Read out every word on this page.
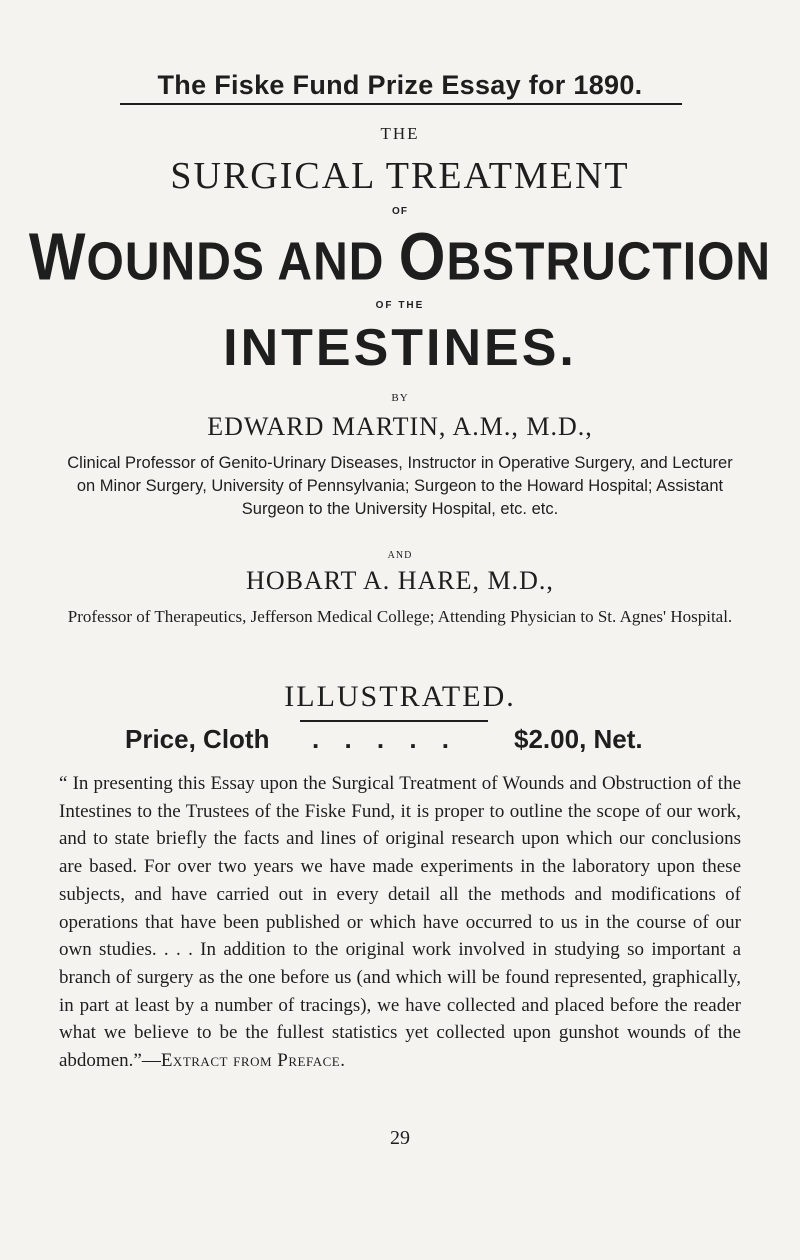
The Fiske Fund Prize Essay for 1890.
THE
SURGICAL TREATMENT
OF
WOUNDS AND OBSTRUCTION
OF THE
INTESTINES.
BY
EDWARD MARTIN, A.M., M.D.,
Clinical Professor of Genito-Urinary Diseases, Instructor in Operative Surgery, and Lecturer on Minor Surgery, University of Pennsylvania; Surgeon to the Howard Hospital; Assistant Surgeon to the University Hospital, etc. etc.
AND
HOBART A. HARE, M.D.,
Professor of Therapeutics, Jefferson Medical College; Attending Physician to St. Agnes' Hospital.
ILLUSTRATED.
Price, Cloth . . . . . $2.00, Net.
“ In presenting this Essay upon the Surgical Treatment of Wounds and Obstruction of the Intestines to the Trustees of the Fiske Fund, it is proper to outline the scope of our work, and to state briefly the facts and lines of original research upon which our conclusions are based. For over two years we have made experiments in the laboratory upon these subjects, and have carried out in every detail all the methods and modifications of operations that have been published or which have occurred to us in the course of our own studies. . . . In addition to the original work involved in studying so important a branch of surgery as the one before us (and which will be found represented, graphically, in part at least by a number of tracings), we have collected and placed before the reader what we believe to be the fullest statistics yet collected upon gunshot wounds of the abdomen.”—Extract from Preface.
29
